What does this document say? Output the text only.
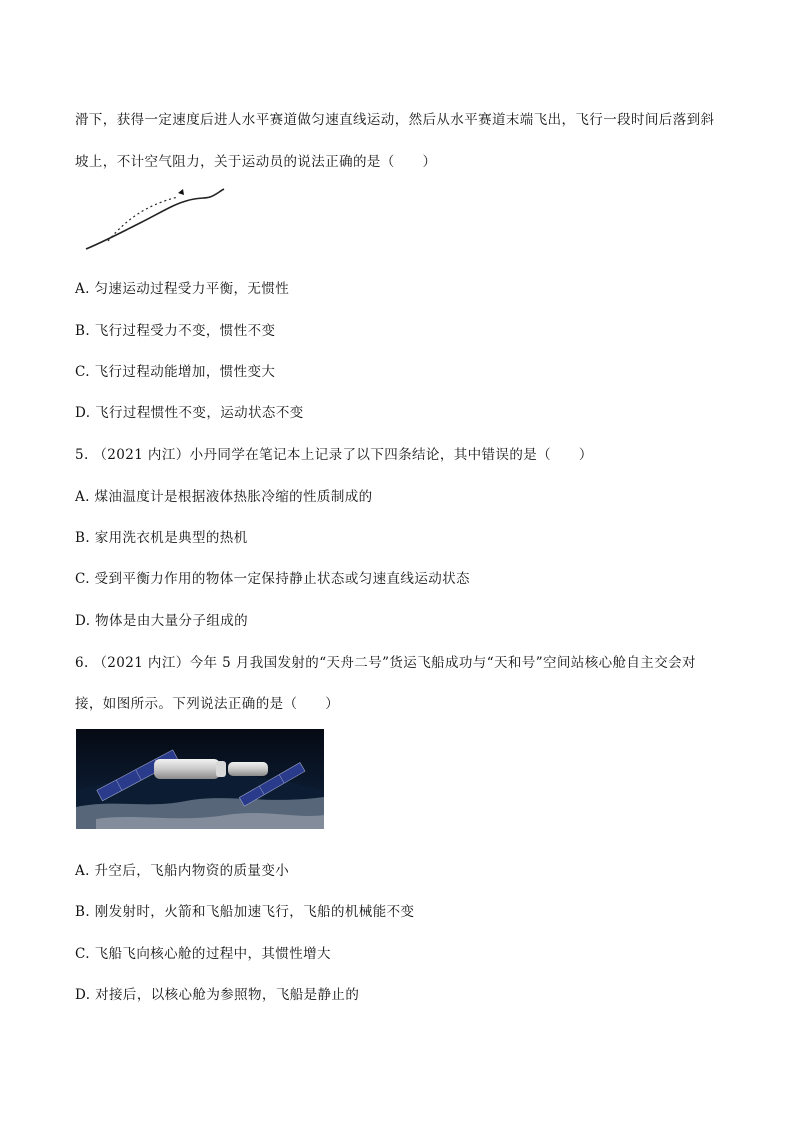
滑下，获得一定速度后进人水平赛道做匀速直线运动，然后从水平赛道末端飞出，飞行一段时间后落到斜
坡上，不计空气阻力，关于运动员的说法正确的是（　　）
A. 匀速运动过程受力平衡，无惯性
B. 飞行过程受力不变，惯性不变
C. 飞行过程动能增加，惯性变大
D. 飞行过程惯性不变，运动状态不变
5. （2021 内江）小丹同学在笔记本上记录了以下四条结论，其中错误的是（　　）
A. 煤油温度计是根据液体热胀冷缩的性质制成的
B. 家用洗衣机是典型的热机
C. 受到平衡力作用的物体一定保持静止状态或匀速直线运动状态
D. 物体是由大量分子组成的
6. （2021 内江）今年 5 月我国发射的“天舟二号”货运飞船成功与“天和号”空间站核心舱自主交会对
接，如图所示。下列说法正确的是（　　）
A. 升空后，飞船内物资的质量变小
B. 刚发射时，火箭和飞船加速飞行，飞船的机械能不变
C. 飞船飞向核心舱的过程中，其惯性增大
D. 对接后，以核心舱为参照物，飞船是静止的
